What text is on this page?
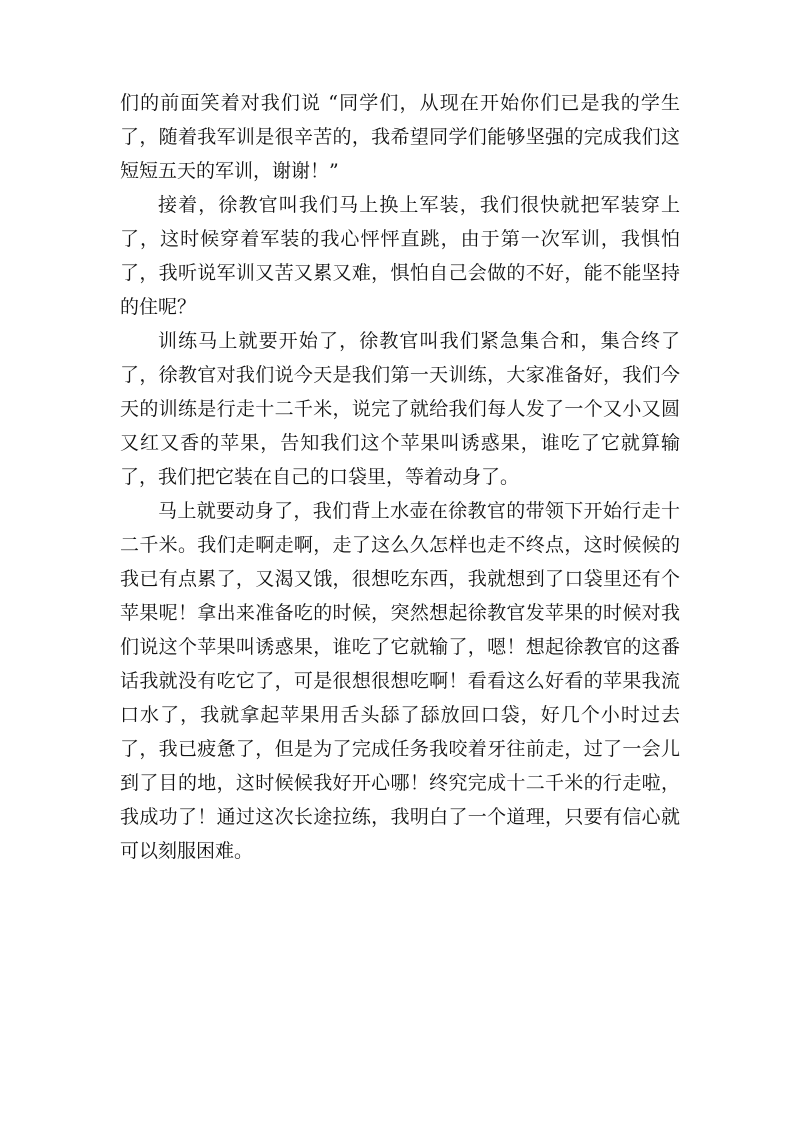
们的前面笑着对我们说 “同学们，从现在开始你们已是我的学生了，随着我军训是很辛苦的，我希望同学们能够坚强的完成我们这短短五天的军训，谢谢！”

接着，徐教官叫我们马上换上军装，我们很快就把军装穿上了，这时候穿着军装的我心怦怦直跳，由于第一次军训，我惧怕了，我听说军训又苦又累又难，惧怕自己会做的不好，能不能坚持的住呢？

训练马上就要开始了，徐教官叫我们紧急集合和，集合终了了，徐教官对我们说今天是我们第一天训练，大家准备好，我们今天的训练是行走十二千米，说完了就给我们每人发了一个又小又圆又红又香的苹果，告知我们这个苹果叫诱惑果，谁吃了它就算输了，我们把它装在自己的口袋里，等着动身了。

马上就要动身了，我们背上水壶在徐教官的带领下开始行走十二千米。我们走啊走啊，走了这么久怎样也走不终点，这时候候的我已有点累了，又渴又饿，很想吃东西，我就想到了口袋里还有个苹果呢！拿出来准备吃的时候，突然想起徐教官发苹果的时候对我们说这个苹果叫诱惑果，谁吃了它就输了，嗯！想起徐教官的这番话我就没有吃它了，可是很想很想吃啊！看看这么好看的苹果我流口水了，我就拿起苹果用舌头舔了舔放回口袋，好几个小时过去了，我已疲惫了，但是为了完成任务我咬着牙往前走，过了一会儿到了目的地，这时候候我好开心哪！终究完成十二千米的行走啦，我成功了！通过这次长途拉练，我明白了一个道理，只要有信心就可以刻服困难。
